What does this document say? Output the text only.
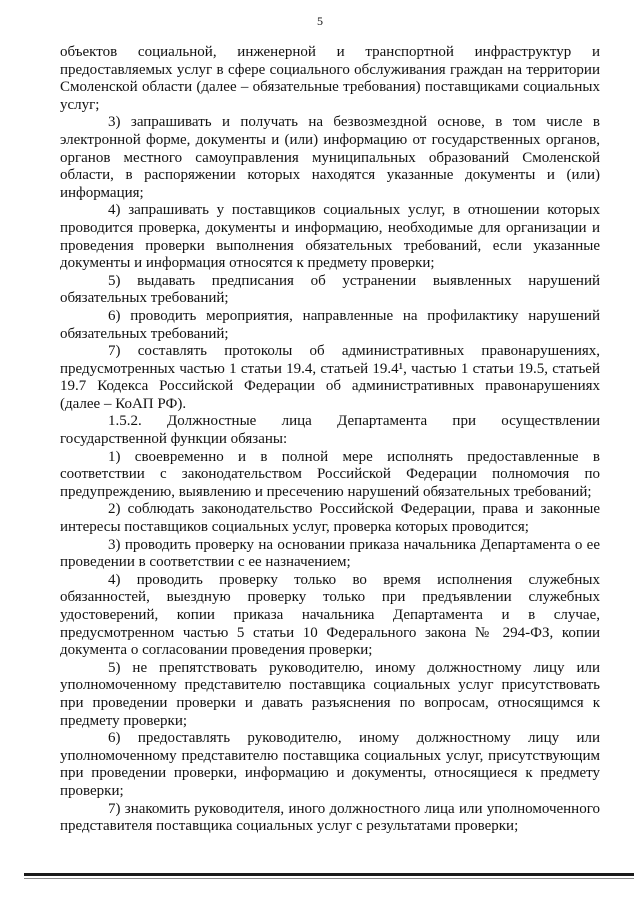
5

объектов социальной, инженерной и транспортной инфраструктур и предоставляемых услуг в сфере социального обслуживания граждан на территории Смоленской области (далее – обязательные требования) поставщиками социальных услуг;

3) запрашивать и получать на безвозмездной основе, в том числе в электронной форме, документы и (или) информацию от государственных органов, органов местного самоуправления муниципальных образований Смоленской области, в распоряжении которых находятся указанные документы и (или) информация;

4) запрашивать у поставщиков социальных услуг, в отношении которых проводится проверка, документы и информацию, необходимые для организации и проведения проверки выполнения обязательных требований, если указанные документы и информация относятся к предмету проверки;

5) выдавать предписания об устранении выявленных нарушений обязательных требований;

6) проводить мероприятия, направленные на профилактику нарушений обязательных требований;

7) составлять протоколы об административных правонарушениях, предусмотренных частью 1 статьи 19.4, статьей 19.4¹, частью 1 статьи 19.5, статьей 19.7 Кодекса Российской Федерации об административных правонарушениях (далее – КоАП РФ).

1.5.2. Должностные лица Департамента при осуществлении государственной функции обязаны:

1) своевременно и в полной мере исполнять предоставленные в соответствии с законодательством Российской Федерации полномочия по предупреждению, выявлению и пресечению нарушений обязательных требований;

2) соблюдать законодательство Российской Федерации, права и законные интересы поставщиков социальных услуг, проверка которых проводится;

3) проводить проверку на основании приказа начальника Департамента о ее проведении в соответствии с ее назначением;

4) проводить проверку только во время исполнения служебных обязанностей, выездную проверку только при предъявлении служебных удостоверений, копии приказа начальника Департамента и в случае, предусмотренном частью 5 статьи 10 Федерального закона № 294-ФЗ, копии документа о согласовании проведения проверки;

5) не препятствовать руководителю, иному должностному лицу или уполномоченному представителю поставщика социальных услуг присутствовать при проведении проверки и давать разъяснения по вопросам, относящимся к предмету проверки;

6) предоставлять руководителю, иному должностному лицу или уполномоченному представителю поставщика социальных услуг, присутствующим при проведении проверки, информацию и документы, относящиеся к предмету проверки;

7) знакомить руководителя, иного должностного лица или уполномоченного представителя поставщика социальных услуг с результатами проверки;
